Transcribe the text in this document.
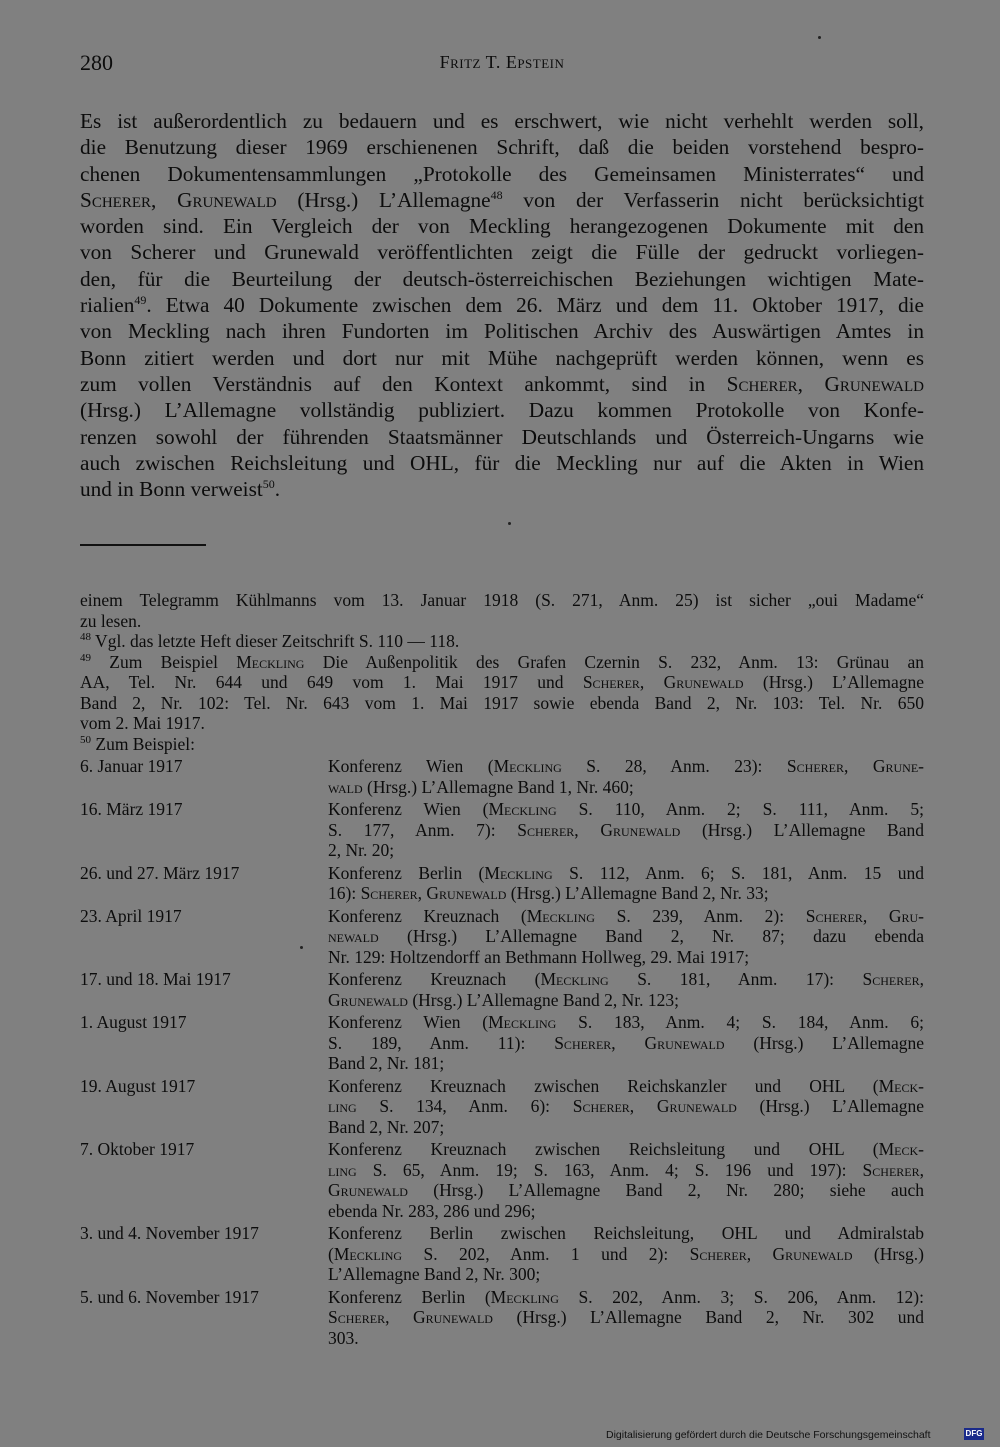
280	Fritz T. Epstein
Es ist außerordentlich zu bedauern und es erschwert, wie nicht verhehlt werden soll,
die Benutzung dieser 1969 erschienenen Schrift, daß die beiden vorstehend bespro-
chenen Dokumentensammlungen „Protokolle des Gemeinsamen Ministerrates“ und
Scherer, Grunewald (Hrsg.) L’Allemagne$^{48}$ von der Verfasserin nicht berücksichtigt
worden sind. Ein Vergleich der von Meckling herangezogenen Dokumente mit den
von Scherer und Grunewald veröffentlichten zeigt die Fülle der gedruckt vorliegen-
den, für die Beurteilung der deutsch-österreichischen Beziehungen wichtigen Mate-
rialien$^{49}$. Etwa 40 Dokumente zwischen dem 26. März und dem 11. Oktober 1917, die
von Meckling nach ihren Fundorten im Politischen Archiv des Auswärtigen Amtes in
Bonn zitiert werden und dort nur mit Mühe nachgeprüft werden können, wenn es
zum vollen Verständnis auf den Kontext ankommt, sind in Scherer, Grunewald
(Hrsg.) L’Allemagne vollständig publiziert. Dazu kommen Protokolle von Konfe-
renzen sowohl der führenden Staatsmänner Deutschlands und Österreich-Ungarns wie
auch zwischen Reichsleitung und OHL, für die Meckling nur auf die Akten in Wien
und in Bonn verweist$^{50}$.
einem Telegramm Kühlmanns vom 13. Januar 1918 (S. 271, Anm. 25) ist sicher „oui Madame“
zu lesen.
$^{48}$ Vgl. das letzte Heft dieser Zeitschrift S. 110 — 118.
$^{49}$ Zum Beispiel Meckling Die Außenpolitik des Grafen Czernin S. 232, Anm. 13: Grünau an
AA, Tel. Nr. 644 und 649 vom 1. Mai 1917 und Scherer, Grunewald (Hrsg.) L’Allemagne
Band 2, Nr. 102: Tel. Nr. 643 vom 1. Mai 1917 sowie ebenda Band 2, Nr. 103: Tel. Nr. 650
vom 2. Mai 1917.
$^{50}$ Zum Beispiel:
6. Januar 1917	Konferenz Wien (Meckling S. 28, Anm. 23): Scherer, Grune-
wald (Hrsg.) L’Allemagne Band 1, Nr. 460;
16. März 1917	Konferenz Wien (Meckling S. 110, Anm. 2; S. 111, Anm. 5;
S. 177, Anm. 7): Scherer, Grunewald (Hrsg.) L’Allemagne Band
2, Nr. 20;
26. und 27. März 1917	Konferenz Berlin (Meckling S. 112, Anm. 6; S. 181, Anm. 15 und
16): Scherer, Grunewald (Hrsg.) L’Allemagne Band 2, Nr. 33;
23. April 1917	Konferenz Kreuznach (Meckling S. 239, Anm. 2): Scherer, Gru-
newald (Hrsg.) L’Allemagne Band 2, Nr. 87; dazu ebenda
Nr. 129: Holtzendorff an Bethmann Hollweg, 29. Mai 1917;
17. und 18. Mai 1917	Konferenz Kreuznach (Meckling S. 181, Anm. 17): Scherer,
Grunewald (Hrsg.) L’Allemagne Band 2, Nr. 123;
1. August 1917	Konferenz Wien (Meckling S. 183, Anm. 4; S. 184, Anm. 6;
S. 189, Anm. 11): Scherer, Grunewald (Hrsg.) L’Allemagne
Band 2, Nr. 181;
19. August 1917	Konferenz Kreuznach zwischen Reichskanzler und OHL (Meck-
ling S. 134, Anm. 6): Scherer, Grunewald (Hrsg.) L’Allemagne
Band 2, Nr. 207;
7. Oktober 1917	Konferenz Kreuznach zwischen Reichsleitung und OHL (Meck-
ling S. 65, Anm. 19; S. 163, Anm. 4; S. 196 und 197): Scherer,
Grunewald (Hrsg.) L’Allemagne Band 2, Nr. 280; siehe auch
ebenda Nr. 283, 286 und 296;
3. und 4. November 1917	Konferenz Berlin zwischen Reichsleitung, OHL und Admiralstab
(Meckling S. 202, Anm. 1 und 2): Scherer, Grunewald (Hrsg.)
L’Allemagne Band 2, Nr. 300;
5. und 6. November 1917	Konferenz Berlin (Meckling S. 202, Anm. 3; S. 206, Anm. 12):
Scherer, Grunewald (Hrsg.) L’Allemagne Band 2, Nr. 302 und
303.
Digitalisierung gefördert durch die Deutsche Forschungsgemeinschaft	DFG
